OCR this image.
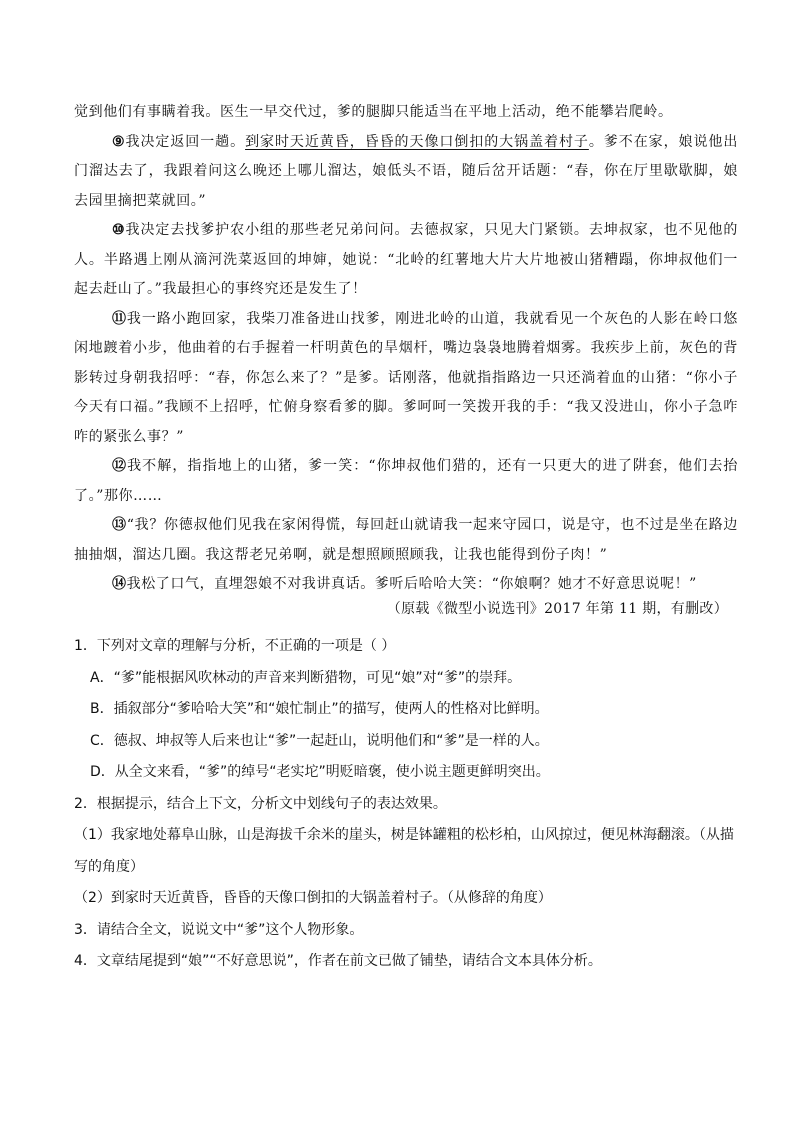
觉到他们有事瞒着我。医生一早交代过，爹的腿脚只能适当在平地上活动，绝不能攀岩爬岭。

⑨我决定返回一趟。到家时天近黄昏，昏昏的天像口倒扣的大锅盖着村子。爹不在家，娘说他出门溜达去了，我跟着问这么晚还上哪儿溜达，娘低头不语，随后岔开话题：“春，你在厅里歇歇脚，娘去园里摘把菜就回。”

⑩我决定去找爹护农小组的那些老兄弟问问。去德叔家，只见大门紧锁。去坤叔家，也不见他的人。半路遇上刚从滴河洗菜返回的坤婶，她说：“北岭的红薯地大片大片地被山猪糟蹋，你坤叔他们一起去赶山了。”我最担心的事终究还是发生了！

⑪我一路小跑回家，我柴刀准备进山找爹，刚进北岭的山道，我就看见一个灰色的人影在岭口悠闲地踱着小步，他曲着的右手握着一杆明黄色的旱烟杆，嘴边袅袅地腾着烟雾。我疾步上前，灰色的背影转过身朝我招呼：“春，你怎么来了？”是爹。话刚落，他就指指路边一只还淌着血的山猪：“你小子今天有口福。”我顾不上招呼，忙俯身察看爹的脚。爹呵呵一笑拨开我的手：“我又没进山，你小子急咋咋的紧张么事？”

⑫我不解，指指地上的山猪，爹一笑：“你坤叔他们猎的，还有一只更大的进了阱套，他们去抬了。”那你……

⑬“我？你德叔他们见我在家闲得慌，每回赶山就请我一起来守园口，说是守，也不过是坐在路边抽抽烟，溜达几圈。我这帮老兄弟啊，就是想照顾照顾我，让我也能得到份子肉！”

⑭我松了口气，直埋怨娘不对我讲真话。爹听后哈哈大笑：“你娘啊？她才不好意思说呢！”

（原载《微型小说选刊》2017 年第 11 期，有删改）

1．下列对文章的理解与分析，不正确的一项是（ ）

A．“爹”能根据风吹林动的声音来判断猎物，可见“娘”对“爹”的崇拜。

B．插叙部分“爹哈哈大笑”和“娘忙制止”的描写，使两人的性格对比鲜明。

C．德叔、坤叔等人后来也让“爹”一起赶山，说明他们和“爹”是一样的人。

D．从全文来看，“爹”的绰号“老实坨”明贬暗褒，使小说主题更鲜明突出。

2．根据提示，结合上下文，分析文中划线句子的表达效果。

（1）我家地处幕阜山脉，山是海拔千余米的崖头，树是钵罐粗的松杉柏，山风掠过，便见林海翻滚。（从描写的角度）

（2）到家时天近黄昏，昏昏的天像口倒扣的大锅盖着村子。（从修辞的角度）

3．请结合全文，说说文中“爹”这个人物形象。

4．文章结尾提到“娘”“不好意思说”，作者在前文已做了铺垫，请结合文本具体分析。
